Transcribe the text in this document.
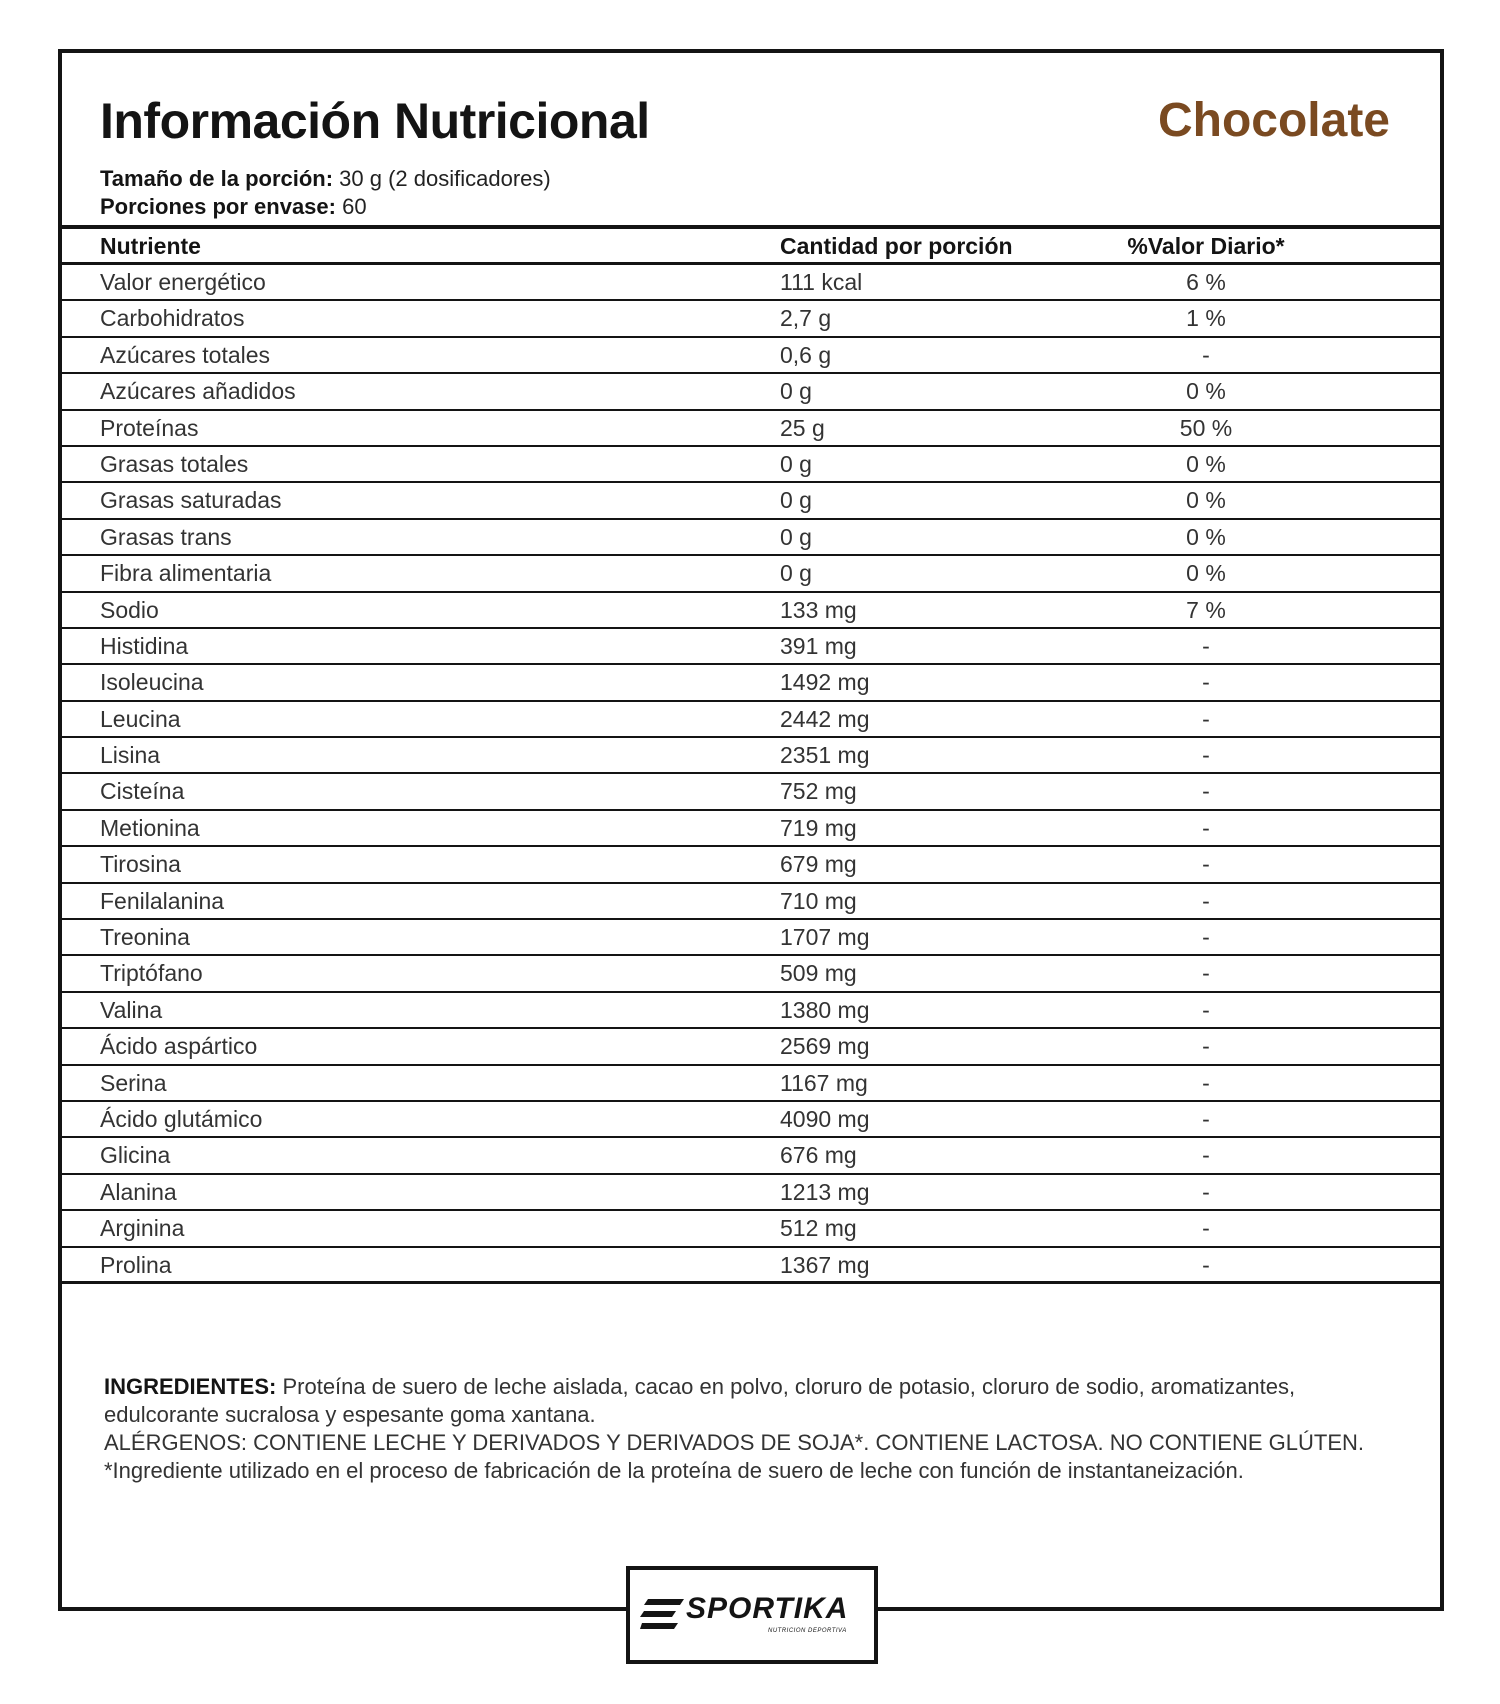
Información Nutricional	Chocolate
Tamaño de la porción: 30 g (2 dosificadores)
Porciones por envase: 60
Nutriente	Cantidad por porción	%Valor Diario*
Valor energético	111 kcal	6 %
Carbohidratos	2,7 g	1 %
Azúcares totales	0,6 g	-
Azúcares añadidos	0 g	0 %
Proteínas	25 g	50 %
Grasas totales	0 g	0 %
Grasas saturadas	0 g	0 %
Grasas trans	0 g	0 %
Fibra alimentaria	0 g	0 %
Sodio	133 mg	7 %
Histidina	391 mg	-
Isoleucina	1492 mg	-
Leucina	2442 mg	-
Lisina	2351 mg	-
Cisteína	752 mg	-
Metionina	719 mg	-
Tirosina	679 mg	-
Fenilalanina	710 mg	-
Treonina	1707 mg	-
Triptófano	509 mg	-
Valina	1380 mg	-
Ácido aspártico	2569 mg	-
Serina	1167 mg	-
Ácido glutámico	4090 mg	-
Glicina	676 mg	-
Alanina	1213 mg	-
Arginina	512 mg	-
Prolina	1367 mg	-

INGREDIENTES: Proteína de suero de leche aislada, cacao en polvo, cloruro de potasio, cloruro de sodio, aromatizantes, edulcorante sucralosa y espesante goma xantana.

ALÉRGENOS: CONTIENE LECHE Y DERIVADOS Y DERIVADOS DE SOJA*. CONTIENE LACTOSA. NO CONTIENE GLÚTEN.

*Ingrediente utilizado en el proceso de fabricación de la proteína de suero de leche con función de instantaneización.

SPORTIKA
NUTRICION DEPORTIVA
